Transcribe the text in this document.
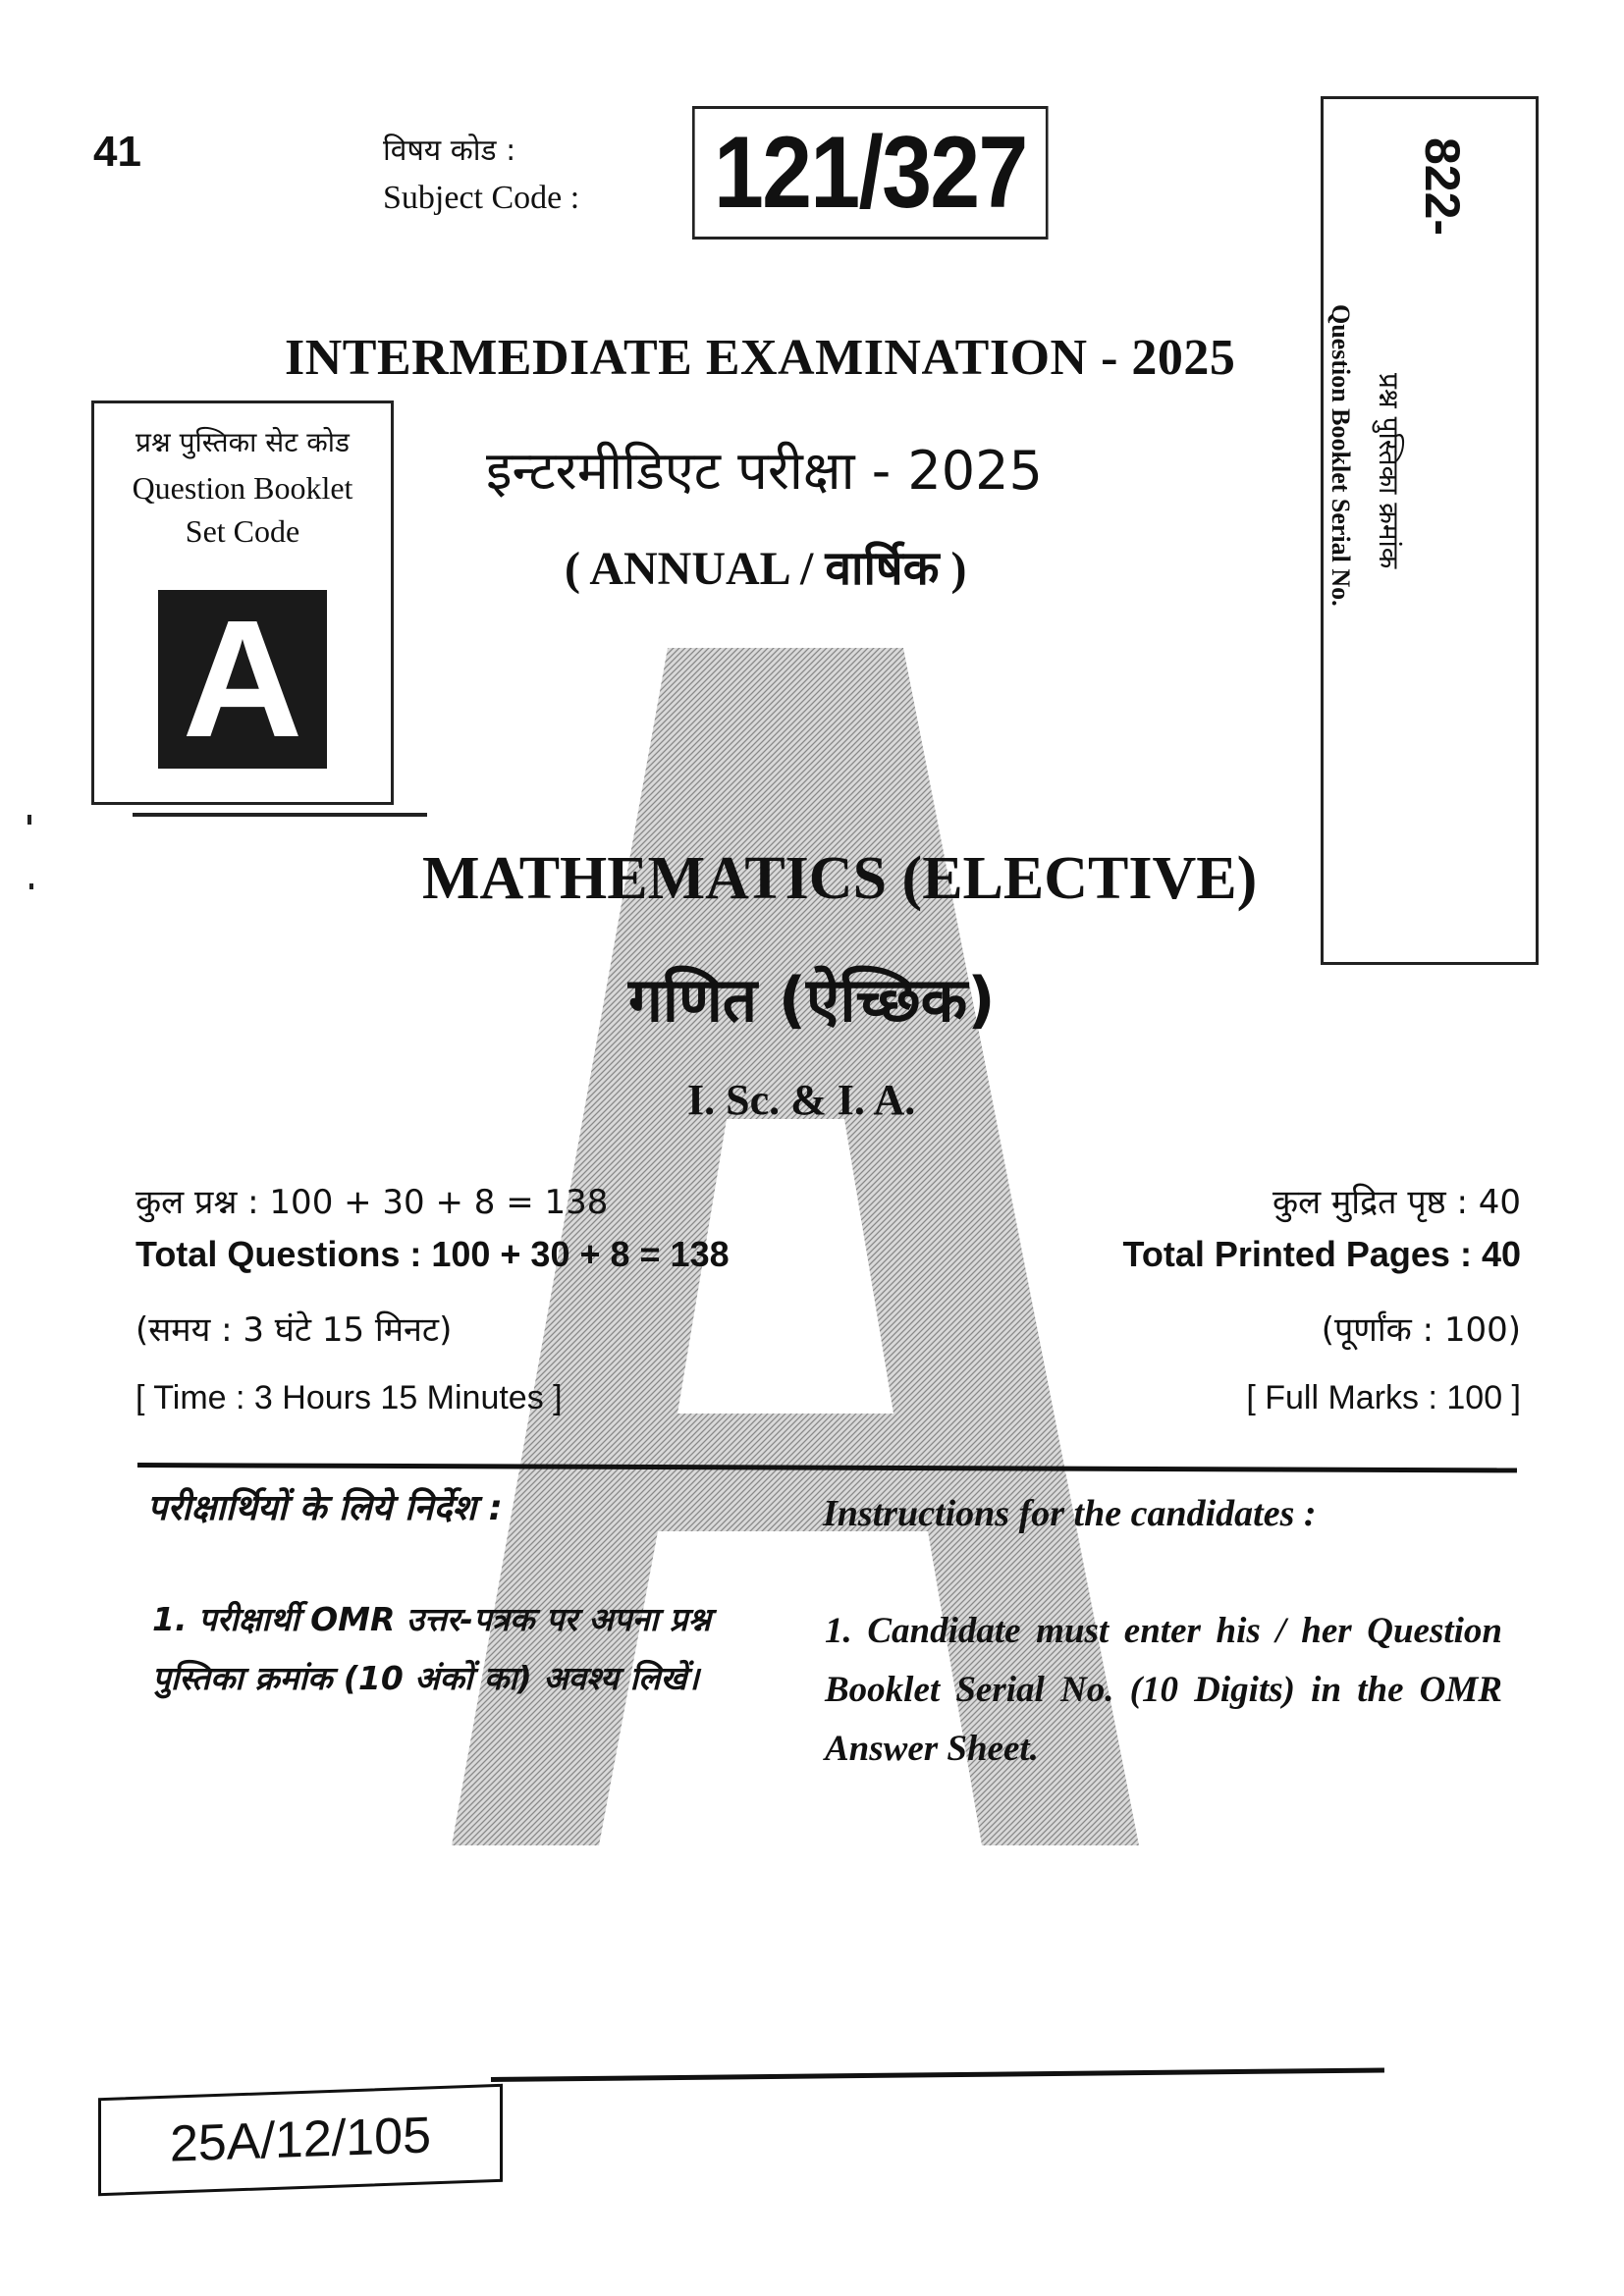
41	विषय कोड :
Subject Code : 121/327	822-
प्रश्न पुस्तिका क्रमांक
Question Booklet Serial No.
INTERMEDIATE EXAMINATION - 2025
इन्टरमीडिएट परीक्षा - 2025
( ANNUAL / वार्षिक )
प्रश्न पुस्तिका सेट कोड
Question Booklet
Set Code
A
MATHEMATICS (ELECTIVE)
गणित (ऐच्छिक)
I. Sc. & I. A.
कुल प्रश्न : 100 + 30 + 8 = 138
Total Questions : 100 + 30 + 8 = 138
(समय : 3 घंटे 15 मिनट)
[ Time : 3 Hours 15 Minutes ]
कुल मुद्रित पृष्ठ : 40
Total Printed Pages : 40
(पूर्णांक : 100)
[ Full Marks : 100 ]
परीक्षार्थियों के लिये निर्देश :	Instructions for the candidates :
1. परीक्षार्थी OMR उत्तर-पत्रक पर अपना प्रश्न पुस्तिका क्रमांक (10 अंकों का) अवश्य लिखें।
1. Candidate must enter his / her Question Booklet Serial No. (10 Digits) in the OMR Answer Sheet.
25A/12/105
